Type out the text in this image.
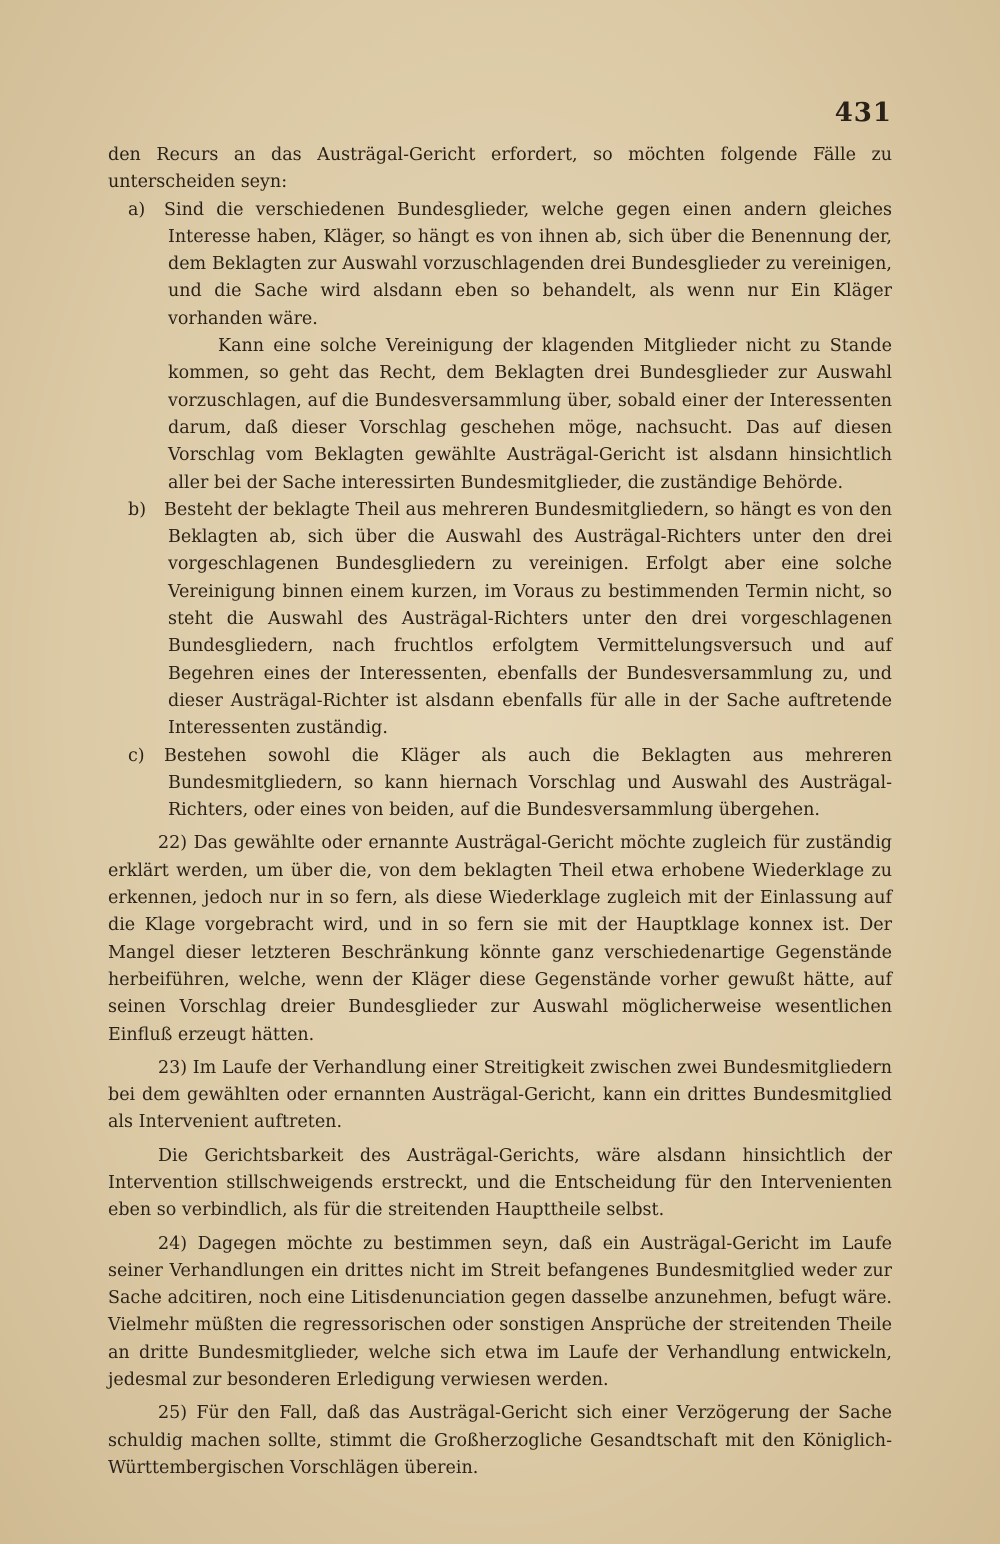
431

den Recurs an das Austrägal-Gericht erfordert, so möchten folgende Fälle zu unterscheiden seyn:

a) Sind die verschiedenen Bundesglieder, welche gegen einen andern gleiches Interesse haben, Kläger, so hängt es von ihnen ab, sich über die Benennung der, dem Beklagten zur Auswahl vorzuschlagenden drei Bundesglieder zu vereinigen, und die Sache wird alsdann eben so behandelt, als wenn nur Ein Kläger vorhanden wäre.

Kann eine solche Vereinigung der klagenden Mitglieder nicht zu Stande kommen, so geht das Recht, dem Beklagten drei Bundesglieder zur Auswahl vorzuschlagen, auf die Bundesversammlung über, sobald einer der Interessenten darum, daß dieser Vorschlag geschehen möge, nachsucht. Das auf diesen Vorschlag vom Beklagten gewählte Austrägal-Gericht ist alsdann hinsichtlich aller bei der Sache interessirten Bundesmitglieder, die zuständige Behörde.

b) Besteht der beklagte Theil aus mehreren Bundesmitgliedern, so hängt es von den Beklagten ab, sich über die Auswahl des Austrägal-Richters unter den drei vorgeschlagenen Bundesgliedern zu vereinigen. Erfolgt aber eine solche Vereinigung binnen einem kurzen, im Voraus zu bestimmenden Termin nicht, so steht die Auswahl des Austrägal-Richters unter den drei vorgeschlagenen Bundesgliedern, nach fruchtlos erfolgtem Vermittelungsversuch und auf Begehren eines der Interessenten, ebenfalls der Bundesversammlung zu, und dieser Austrägal-Richter ist alsdann ebenfalls für alle in der Sache auftretende Interessenten zuständig.

c) Bestehen sowohl die Kläger als auch die Beklagten aus mehreren Bundesmitgliedern, so kann hiernach Vorschlag und Auswahl des Austrägal-Richters, oder eines von beiden, auf die Bundesversammlung übergehen.

22) Das gewählte oder ernannte Austrägal-Gericht möchte zugleich für zuständig erklärt werden, um über die, von dem beklagten Theil etwa erhobene Wiederklage zu erkennen, jedoch nur in so fern, als diese Wiederklage zugleich mit der Einlassung auf die Klage vorgebracht wird, und in so fern sie mit der Hauptklage konnex ist. Der Mangel dieser letzteren Beschränkung könnte ganz verschiedenartige Gegenstände herbeiführen, welche, wenn der Kläger diese Gegenstände vorher gewußt hätte, auf seinen Vorschlag dreier Bundesglieder zur Auswahl möglicherweise wesentlichen Einfluß erzeugt hätten.

23) Im Laufe der Verhandlung einer Streitigkeit zwischen zwei Bundesmitgliedern bei dem gewählten oder ernannten Austrägal-Gericht, kann ein drittes Bundesmitglied als Intervenient auftreten.

Die Gerichtsbarkeit des Austrägal-Gerichts, wäre alsdann hinsichtlich der Intervention stillschweigends erstreckt, und die Entscheidung für den Intervenienten eben so verbindlich, als für die streitenden Haupttheile selbst.

24) Dagegen möchte zu bestimmen seyn, daß ein Austrägal-Gericht im Laufe seiner Verhandlungen ein drittes nicht im Streit befangenes Bundesmitglied weder zur Sache adcitiren, noch eine Litisdenunciation gegen dasselbe anzunehmen, befugt wäre. Vielmehr müßten die regressorischen oder sonstigen Ansprüche der streitenden Theile an dritte Bundesmitglieder, welche sich etwa im Laufe der Verhandlung entwickeln, jedesmal zur besonderen Erledigung verwiesen werden.

25) Für den Fall, daß das Austrägal-Gericht sich einer Verzögerung der Sache schuldig machen sollte, stimmt die Großherzogliche Gesandtschaft mit den Königlich-Württembergischen Vorschlägen überein.
